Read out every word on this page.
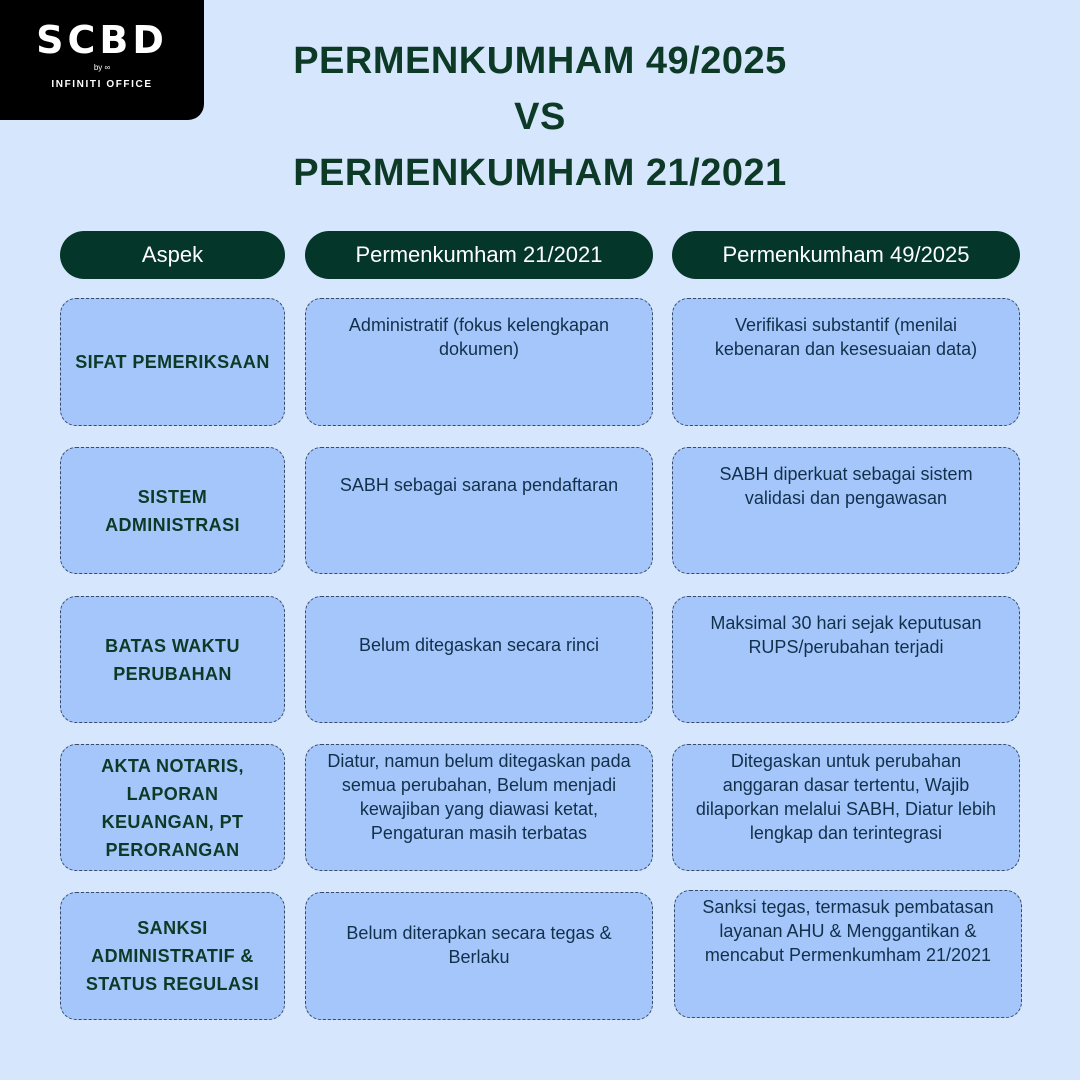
SCBD
by ∞
INFINITI OFFICE
PERMENKUMHAM 49/2025
VS
PERMENKUMHAM 21/2021
Aspek	Permenkumham 21/2021	Permenkumham 49/2025
SIFAT PEMERIKSAAN
Administratif (fokus kelengkapan dokumen)
Verifikasi substantif (menilai kebenaran dan kesesuaian data)
SISTEM ADMINISTRASI
SABH sebagai sarana pendaftaran
SABH diperkuat sebagai sistem validasi dan pengawasan
BATAS WAKTU PERUBAHAN
Belum ditegaskan secara rinci
Maksimal 30 hari sejak keputusan RUPS/perubahan terjadi
AKTA NOTARIS, LAPORAN KEUANGAN, PT PERORANGAN
Diatur, namun belum ditegaskan pada semua perubahan, Belum menjadi kewajiban yang diawasi ketat, Pengaturan masih terbatas
Ditegaskan untuk perubahan anggaran dasar tertentu, Wajib dilaporkan melalui SABH, Diatur lebih lengkap dan terintegrasi
SANKSI ADMINISTRATIF & STATUS REGULASI
Belum diterapkan secara tegas & Berlaku
Sanksi tegas, termasuk pembatasan layanan AHU & Menggantikan & mencabut Permenkumham 21/2021
